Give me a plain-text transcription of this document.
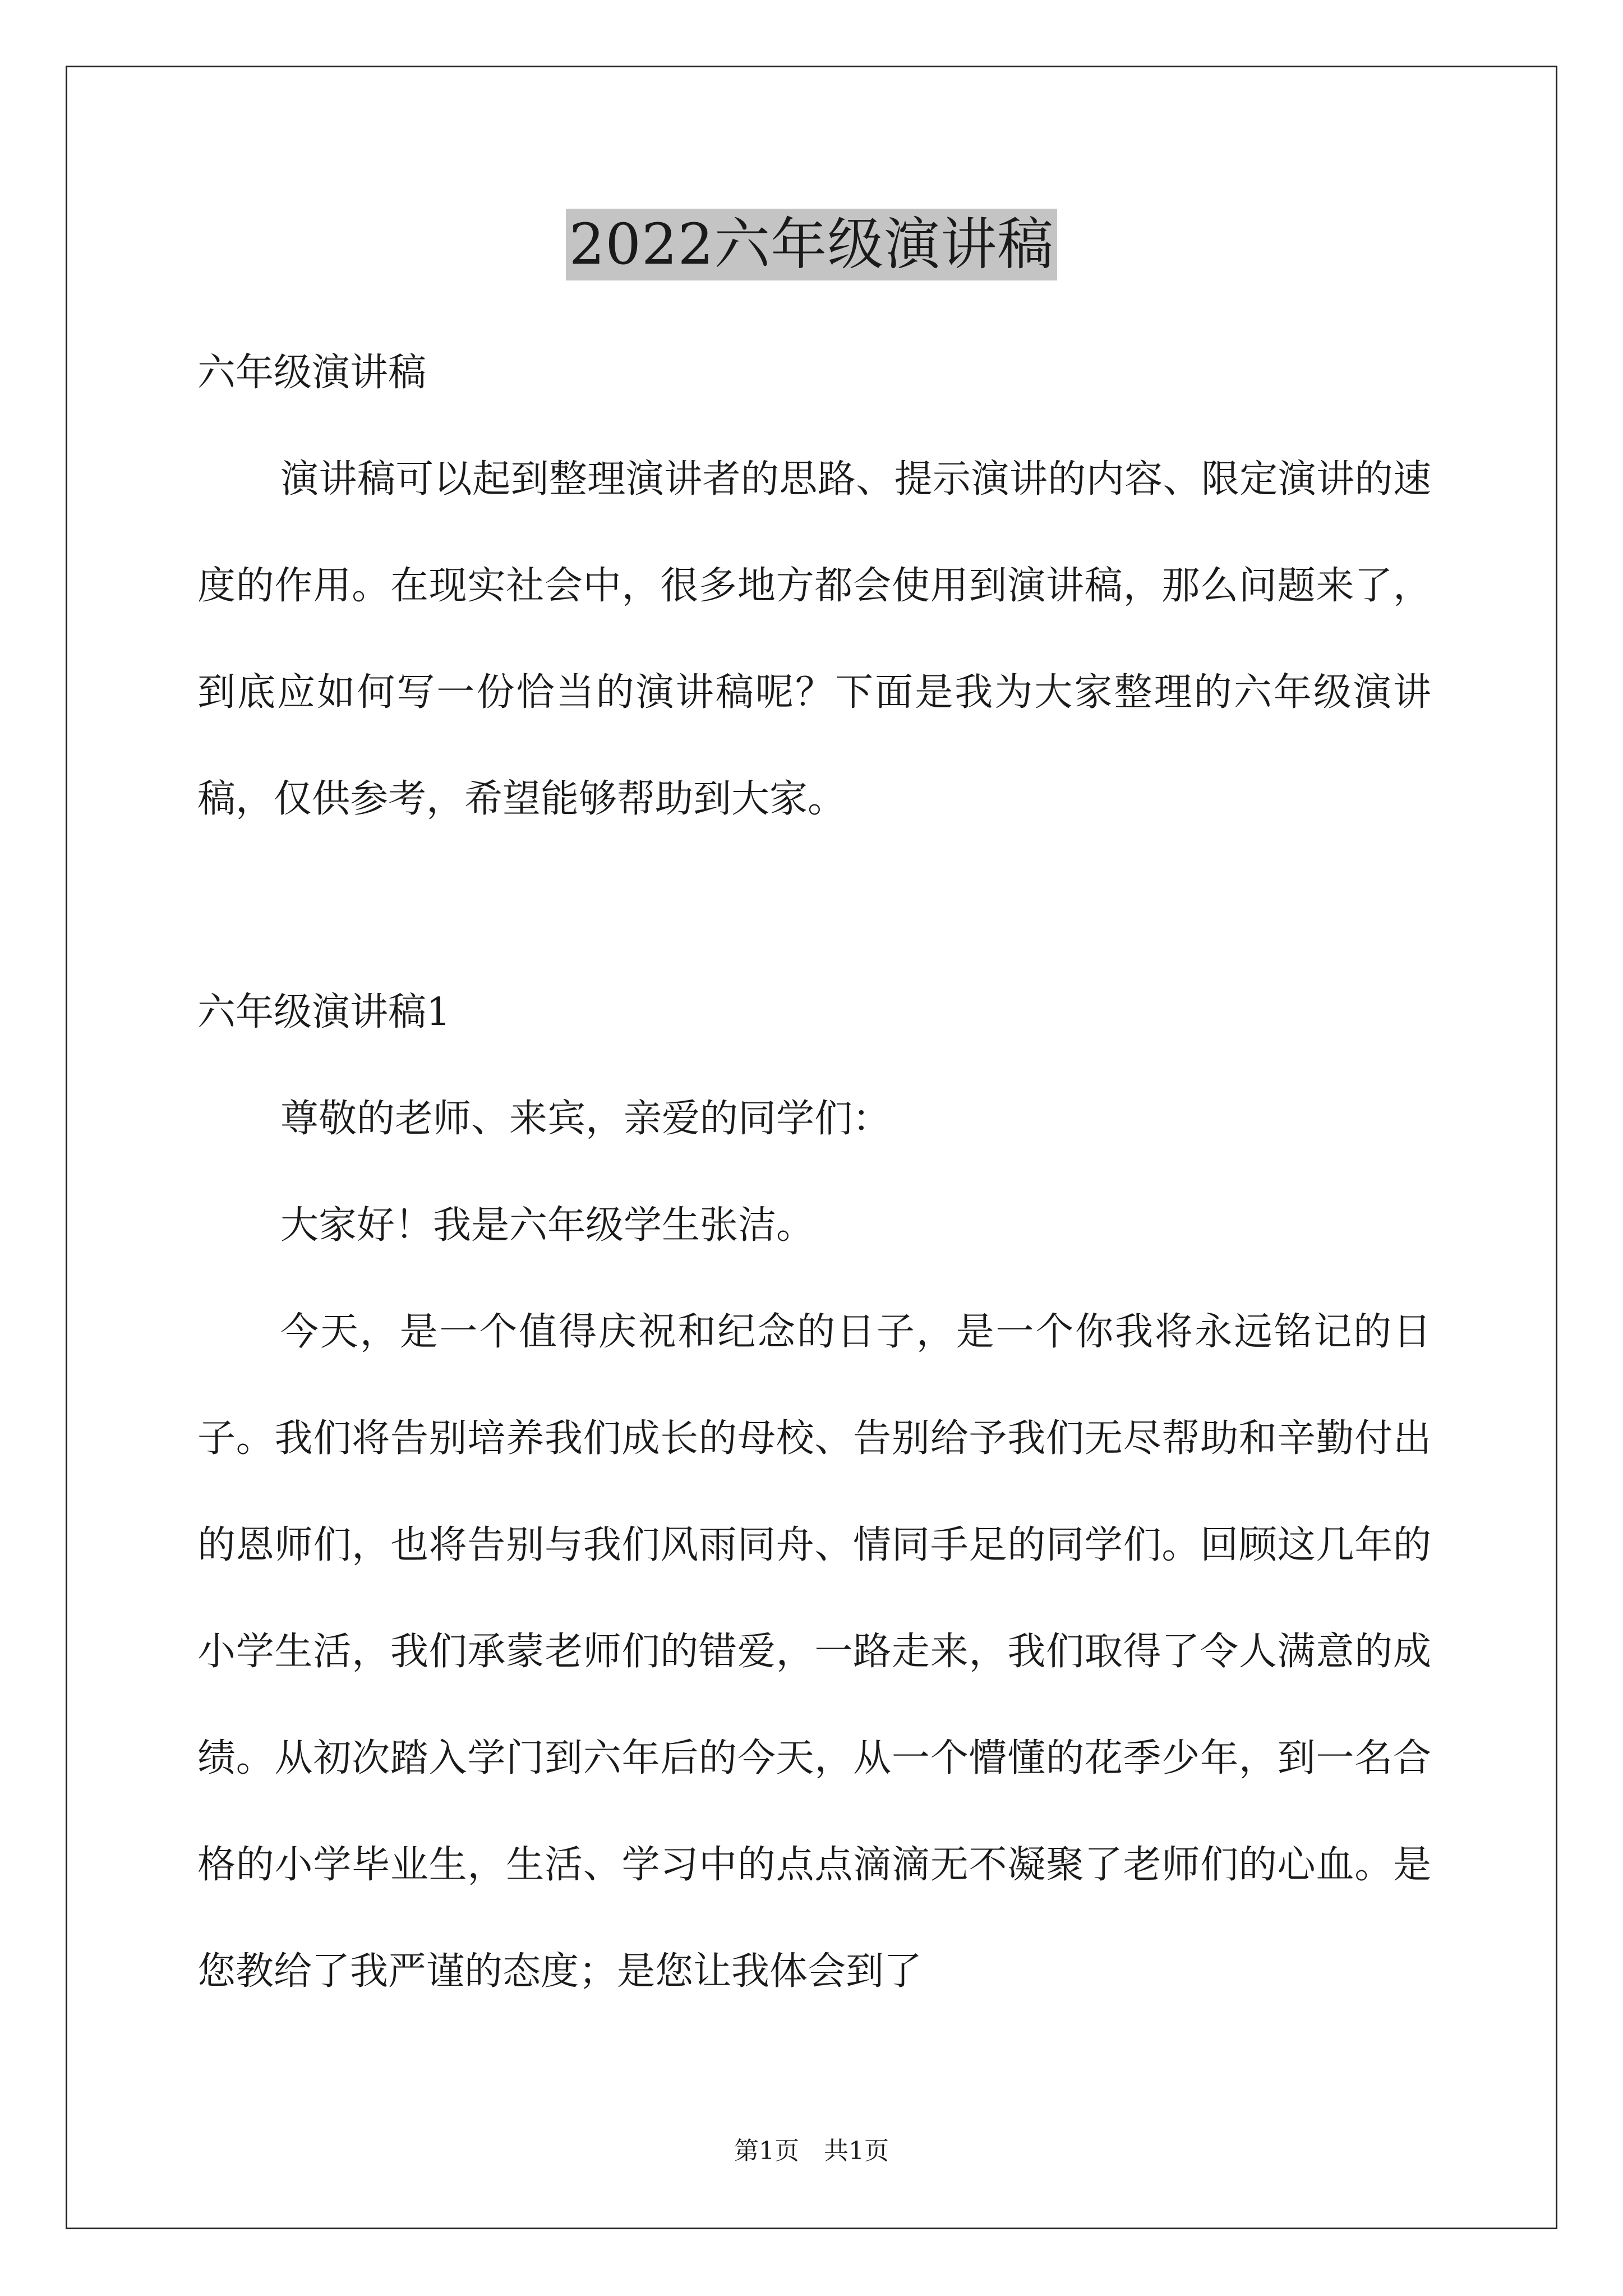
2022六年级演讲稿
六年级演讲稿

演讲稿可以起到整理演讲者的思路、提示演讲的内容、限定演讲的速度的作用。在现实社会中，很多地方都会使用到演讲稿，那么问题来了，到底应如何写一份恰当的演讲稿呢？下面是我为大家整理的六年级演讲稿，仅供参考，希望能够帮助到大家。

六年级演讲稿1
尊敬的老师、来宾，亲爱的同学们：
大家好！我是六年级学生张洁。

今天，是一个值得庆祝和纪念的日子，是一个你我将永远铭记的日子。我们将告别培养我们成长的母校、告别给予我们无尽帮助和辛勤付出的恩师们，也将告别与我们风雨同舟、情同手足的同学们。回顾这几年的小学生活，我们承蒙老师们的错爱，一路走来，我们取得了令人满意的成绩。从初次踏入学门到六年后的今天，从一个懵懂的花季少年，到一名合格的小学毕业生，生活、学习中的点点滴滴无不凝聚了老师们的心血。是您教给了我严谨的态度；是您让我体会到了

第1页　共1页
